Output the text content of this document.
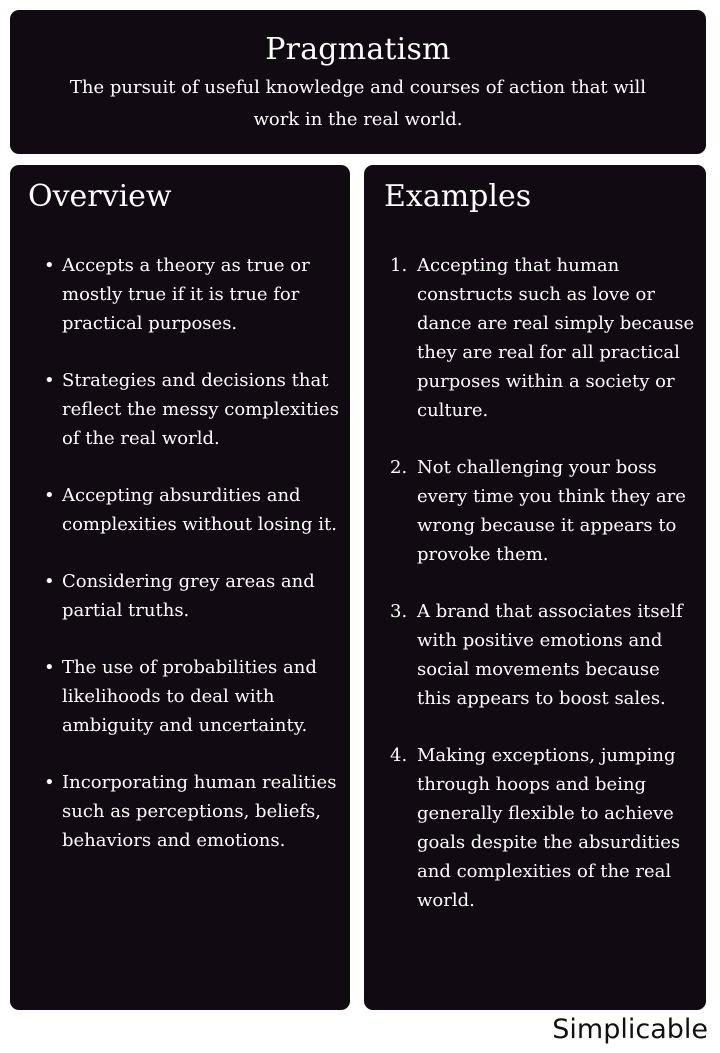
Pragmatism
The pursuit of useful knowledge and courses of action that will work in the real world.
Overview
• Accepts a theory as true or mostly true if it is true for practical purposes.
• Strategies and decisions that reflect the messy complexities of the real world.
• Accepting absurdities and complexities without losing it.
• Considering grey areas and partial truths.
• The use of probabilities and likelihoods to deal with ambiguity and uncertainty.
• Incorporating human realities such as perceptions, beliefs, behaviors and emotions.
Examples
1. Accepting that human constructs such as love or dance are real simply because they are real for all practical purposes within a society or culture.
2. Not challenging your boss every time you think they are wrong because it appears to provoke them.
3. A brand that associates itself with positive emotions and social movements because this appears to boost sales.
4. Making exceptions, jumping through hoops and being generally flexible to achieve goals despite the absurdities and complexities of the real world.
Simplicable
